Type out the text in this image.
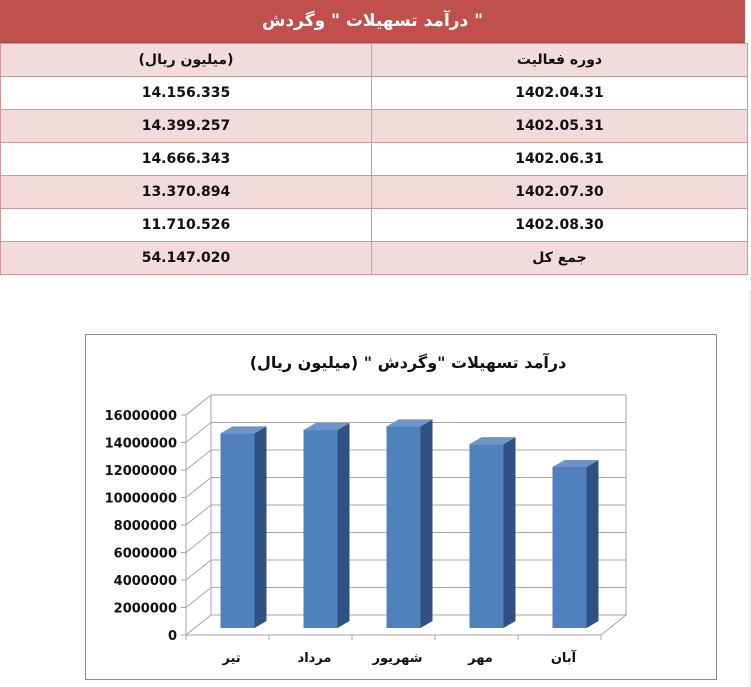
درآمد تسهیلات " وگردش "
(میلیون ریال)	دوره فعالیت
14.156.335	1402.04.31
14.399.257	1402.05.31
14.666.343	1402.06.31
13.370.894	1402.07.30
11.710.526	1402.08.30
54.147.020	جمع کل
0
2000000
4000000
6000000
8000000
10000000
12000000
14000000
16000000
تیر	مرداد	شهریور	مهر	آبان
درآمد تسهیلات "وگردش " (میلیون ریال)
